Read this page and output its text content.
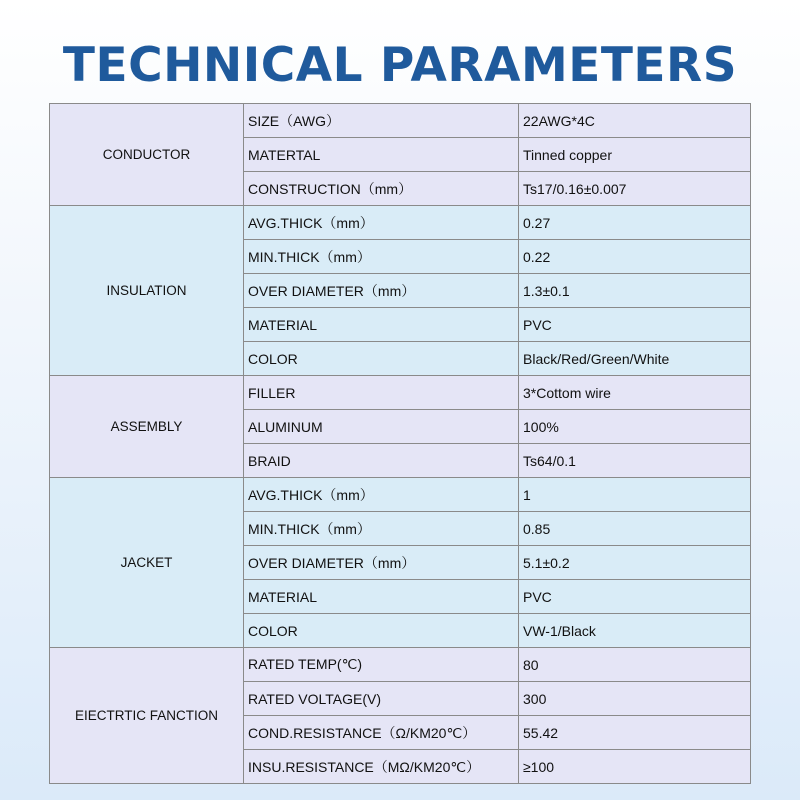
TECHNICAL PARAMETERS
CONDUCTOR	SIZE（AWG）	22AWG*4C
	MATERTAL	Tinned copper
	CONSTRUCTION（mm）	Ts17/0.16±0.007
INSULATION	AVG.THICK（mm）	0.27
	MIN.THICK（mm）	0.22
	OVER DIAMETER（mm）	1.3±0.1
	MATERIAL	PVC
	COLOR	Black/Red/Green/White
ASSEMBLY	FILLER	3*Cottom wire
	ALUMINUM	100%
	BRAID	Ts64/0.1
JACKET	AVG.THICK（mm）	1
	MIN.THICK（mm）	0.85
	OVER DIAMETER（mm）	5.1±0.2
	MATERIAL	PVC
	COLOR	VW-1/Black
EIECTRTIC FANCTION	RATED TEMP(℃)	80
	RATED VOLTAGE(V)	300
	COND.RESISTANCE（Ω/KM20℃）	55.42
	INSU.RESISTANCE（MΩ/KM20℃）	≥100
